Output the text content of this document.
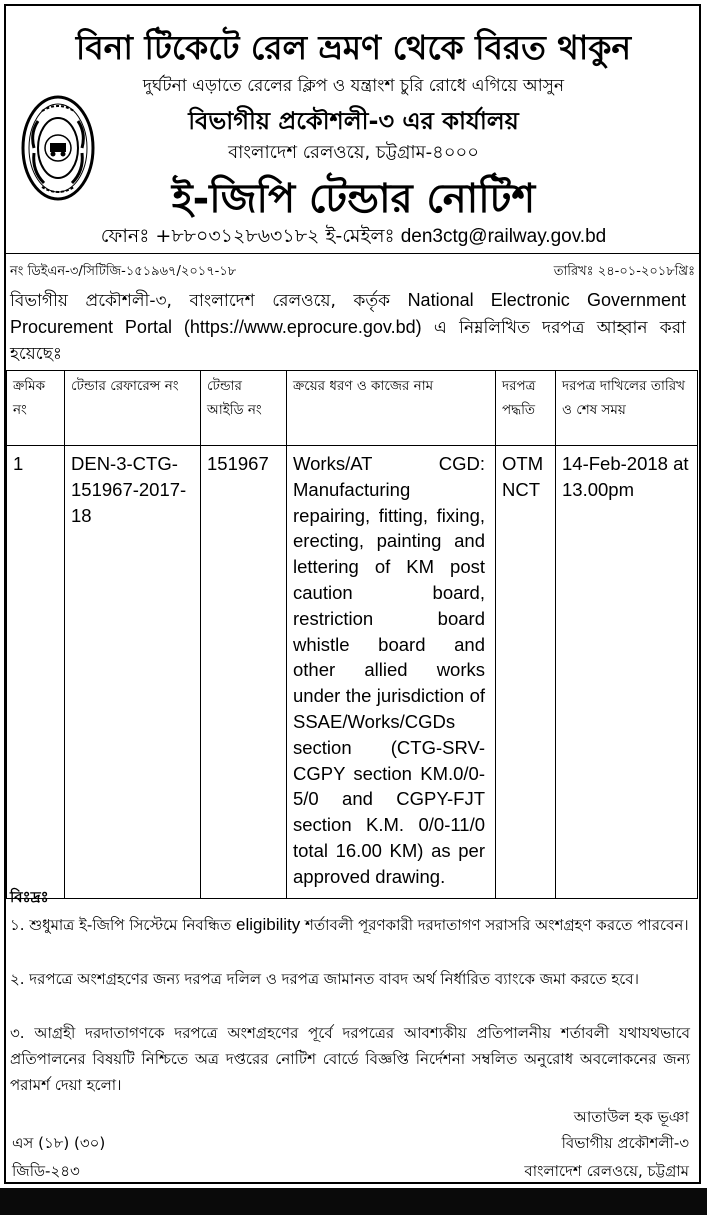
বিনা টিকেটে রেল ভ্রমণ থেকে বিরত থাকুন
দুর্ঘটনা এড়াতে রেলের ক্লিপ ও যন্ত্রাংশ চুরি রোধে এগিয়ে আসুন
বিভাগীয় প্রকৌশলী-৩ এর কার্যালয়
বাংলাদেশ রেলওয়ে, চট্টগ্রাম-৪০০০
ই-জিপি টেন্ডার নোটিশ
ফোনঃ +৮৮০৩১২৮৬৩১৮২ ই-মেইলঃ den3ctg@railway.gov.bd
নং ডিইএন-৩/সিটিজি-১৫১৯৬৭/২০১৭-১৮	তারিখঃ ২৪-০১-২০১৮খ্রিঃ
বিভাগীয় প্রকৌশলী-৩, বাংলাদেশ রেলওয়ে, কর্তৃক National Electronic Government Procurement Portal (https://www.eprocure.gov.bd) এ নিম্নলিখিত দরপত্র আহ্বান করা হয়েছেঃ
ক্রমিক নং	টেন্ডার রেফারেন্স নং	টেন্ডার আইডি নং	ক্রয়ের ধরণ ও কাজের নাম	দরপত্র পদ্ধতি	দরপত্র দাখিলের তারিখ ও শেষ সময়
1	DEN-3-CTG-151967-2017-18	151967	Works/AT CGD: Manufacturing repairing, fitting, fixing, erecting, painting and lettering of KM post caution board, restriction board whistle board and other allied works under the jurisdiction of SSAE/Works/CGDs section (CTG-SRV-CGPY section KM.0/0-5/0 and CGPY-FJT section K.M. 0/0-11/0 total 16.00 KM) as per approved drawing.	OTM NCT	14-Feb-2018 at 13.00pm
বিঃদ্রঃ
১. শুধুমাত্র ই-জিপি সিস্টেমে নিবন্ধিত eligibility শর্তাবলী পূরণকারী দরদাতাগণ সরাসরি অংশগ্রহণ করতে পারবেন।
২. দরপত্রে অংশগ্রহণের জন্য দরপত্র দলিল ও দরপত্র জামানত বাবদ অর্থ নির্ধারিত ব্যাংকে জমা করতে হবে।
৩. আগ্রহী দরদাতাগণকে দরপত্রে অংশগ্রহণের পূর্বে দরপত্রের আবশ্যকীয় প্রতিপালনীয় শর্তাবলী যথাযথভাবে প্রতিপালনের বিষয়টি নিশ্চিতে অত্র দপ্তরের নোটিশ বোর্ডে বিজ্ঞপ্তি নির্দেশনা সম্বলিত অনুরোধ অবলোকনের জন্য পরামর্শ দেয়া হলো।
আতাউল হক ভূঞা
বিভাগীয় প্রকৌশলী-৩
বাংলাদেশ রেলওয়ে, চট্টগ্রাম
এস (১৮) (৩০)
জিডি-২৪৩
